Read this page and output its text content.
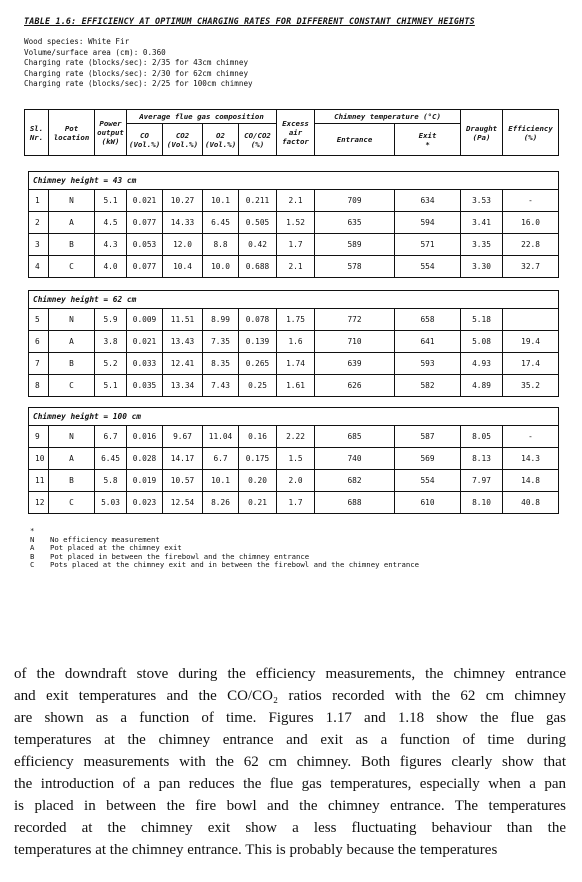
TABLE 1.6: EFFICIENCY AT OPTIMUM CHARGING RATES FOR DIFFERENT CONSTANT CHIMNEY HEIGHTS
Wood species: White Fir
Volume/surface area (cm): 0.360
Charging rate (blocks/sec): 2/35 for 43cm chimney
Charging rate (blocks/sec): 2/30 for 62cm chimney
Charging rate (blocks/sec): 2/25 for 100cm chimney
Sl.
Nr.	Pot
location	Power
output
(kW)	Average flue gas composition				Excess
air
factor	Chimney temperature (°C)		Draught
(Pa)	Efficiency
(%)

			CO
(Vol.%)	CO2
(Vol.%)	O2
(Vol.%)	CO/CO2
(%)		Entrance	Exit
*		
Chimney height = 43 cm											
1	N	5.1	0.021	10.27	10.1	0.211	2.1	709	634	3.53	-
2	A	4.5	0.077	14.33	6.45	0.505	1.52	635	594	3.41	16.0
3	B	4.3	0.053	12.0	8.8	0.42	1.7	589	571	3.35	22.8
4	C	4.0	0.077	10.4	10.0	0.688	2.1	578	554	3.30	32.7
Chimney height = 62 cm											
5	N	5.9	0.009	11.51	8.99	0.078	1.75	772	658	5.18	
6	A	3.8	0.021	13.43	7.35	0.139	1.6	710	641	5.08	19.4
7	B	5.2	0.033	12.41	8.35	0.265	1.74	639	593	4.93	17.4
8	C	5.1	0.035	13.34	7.43	0.25	1.61	626	582	4.89	35.2
Chimney height = 100 cm											
9	N	6.7	0.016	9.67	11.04	0.16	2.22	685	587	8.05	-
10	A	6.45	0.028	14.17	6.7	0.175	1.5	740	569	8.13	14.3
11	B	5.8	0.019	10.57	10.1	0.20	2.0	682	554	7.97	14.8
12	C	5.03	0.023	12.54	8.26	0.21	1.7	688	610	8.10	40.8
*
N No efficiency measurement
A Pot placed at the chimney exit
B Pot placed in between the firebowl and the chimney entrance
C Pots placed at the chimney exit and in between the firebowl and the chimney entrance
of the downdraft stove during the efficiency measurements, the chimney entrance
and exit temperatures and the CO/CO₂ ratios recorded with the 62 cm chimney
are shown as a function of time. Figures 1.17 and 1.18 show the flue gas
temperatures at the chimney entrance and exit as a function of time during
efficiency measurements with the 62 cm chimney. Both figures clearly show that
the introduction of a pan reduces the flue gas temperatures, especially when a pan
is placed in between the fire bowl and the chimney entrance. The temperatures
recorded at the chimney exit show a less fluctuating behaviour than the
temperatures at the chimney entrance. This is probably because the temperatures
